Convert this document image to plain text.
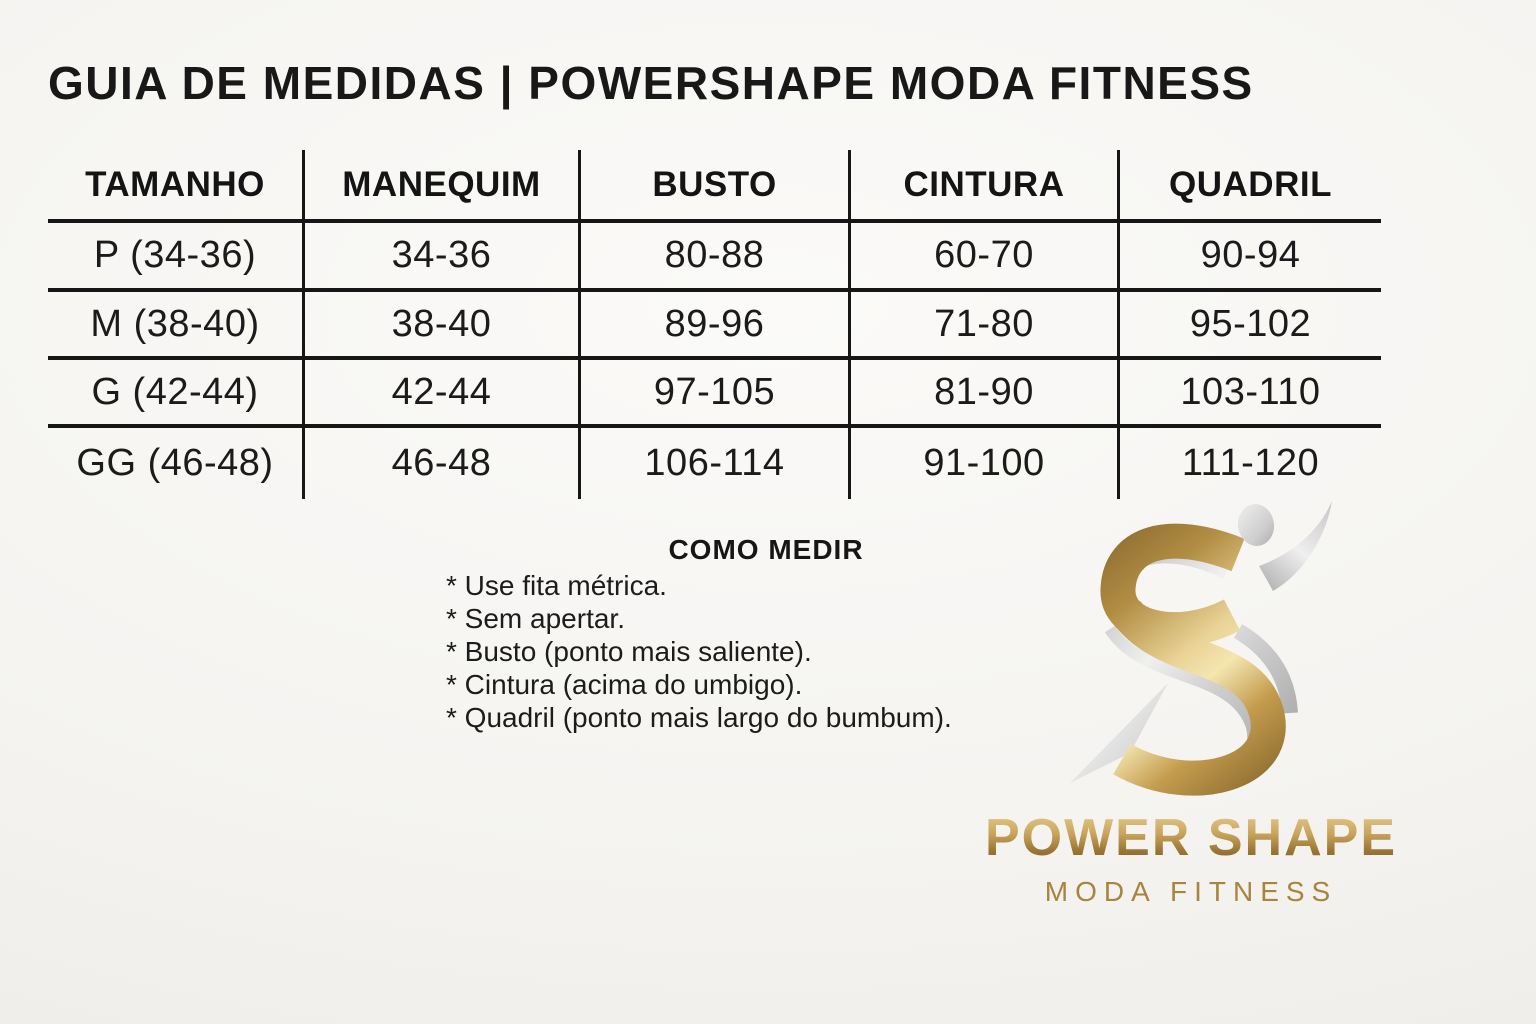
GUIA DE MEDIDAS | POWERSHAPE MODA FITNESS
TAMANHO	MANEQUIM	BUSTO	CINTURA	QUADRIL
P (34-36)	34-36	80-88	60-70	90-94
M (38-40)	38-40	89-96	71-80	95-102
G (42-44)	42-44	97-105	81-90	103-110
GG (46-48)	46-48	106-114	91-100	111-120
COMO MEDIR
* Use fita métrica.
* Sem apertar.
* Busto (ponto mais saliente).
* Cintura (acima do umbigo).
* Quadril (ponto mais largo do bumbum).
POWER SHAPE
MODA FITNESS
